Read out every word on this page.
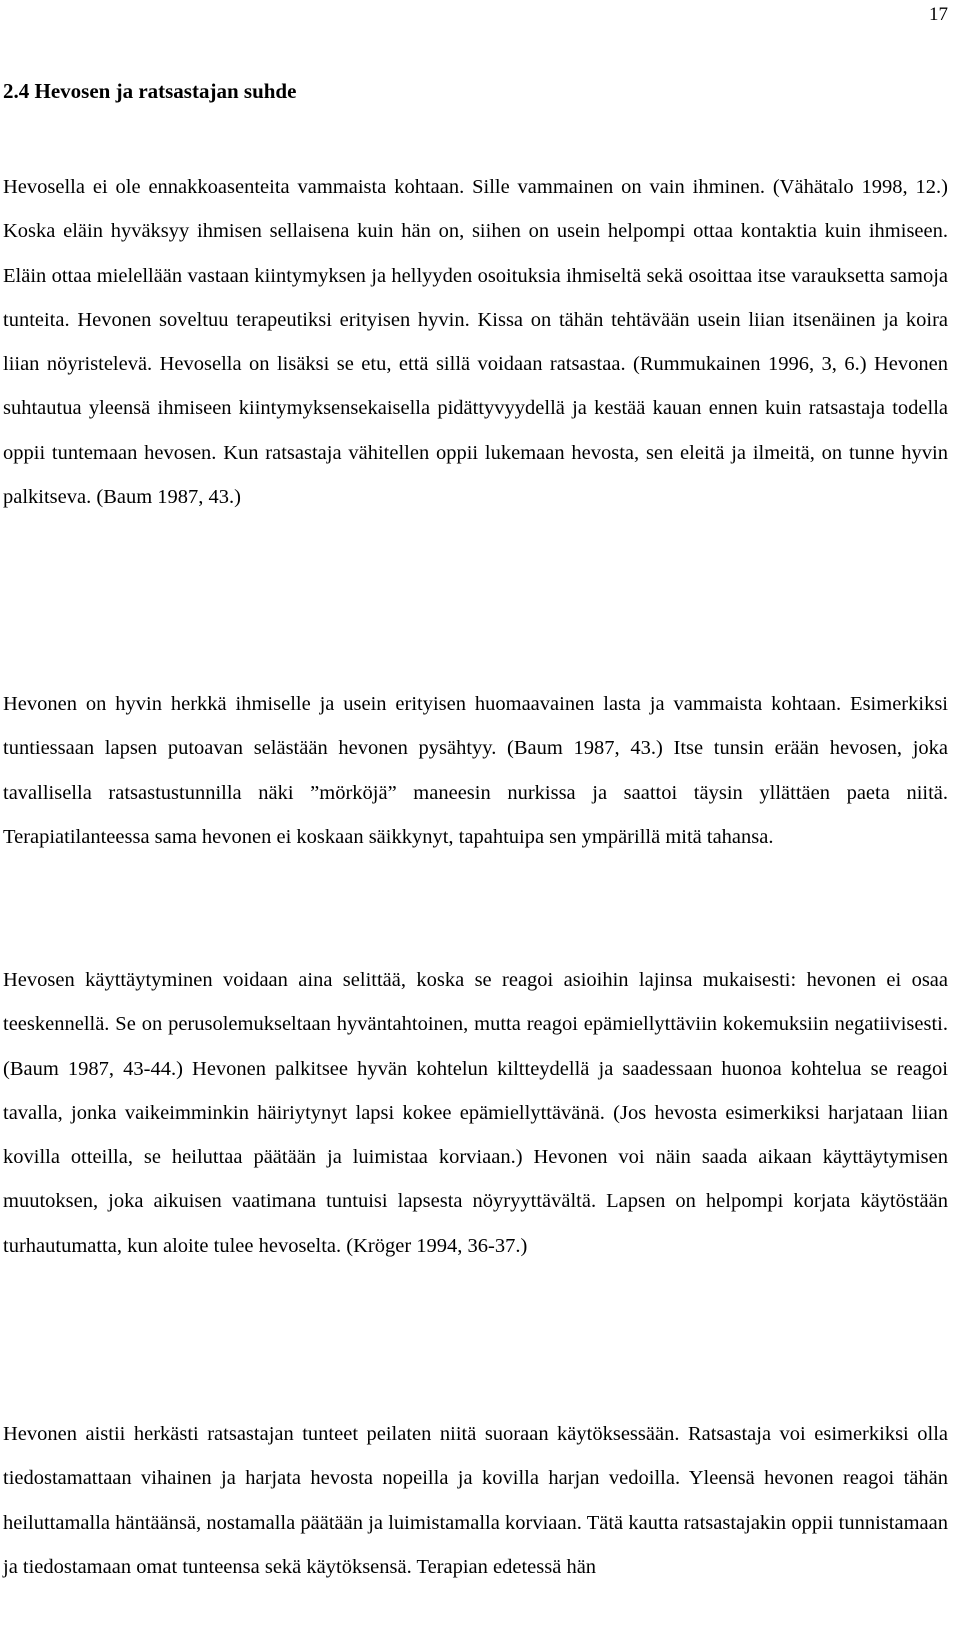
17
2.4 Hevosen ja ratsastajan suhde

Hevosella ei ole ennakkoasenteita vammaista kohtaan. Sille vammainen on vain ihminen. (Vähätalo 1998, 12.) Koska eläin hyväksyy ihmisen sellaisena kuin hän on, siihen on usein helpompi ottaa kontaktia kuin ihmiseen. Eläin ottaa mielellään vastaan kiintymyksen ja hellyyden osoituksia ihmiseltä sekä osoittaa itse varauksetta samoja tunteita. Hevonen soveltuu terapeutiksi erityisen hyvin. Kissa on tähän tehtävään usein liian itsenäinen ja koira liian nöyristelevä. Hevosella on lisäksi se etu, että sillä voidaan ratsastaa. (Rummukainen 1996, 3, 6.) Hevonen suhtautua yleensä ihmiseen kiintymyksensekaisella pidättyvyydellä ja kestää kauan ennen kuin ratsastaja todella oppii tuntemaan hevosen. Kun ratsastaja vähitellen oppii lukemaan hevosta, sen eleitä ja ilmeitä, on tunne hyvin palkitseva. (Baum 1987, 43.)

Hevonen on hyvin herkkä ihmiselle ja usein erityisen huomaavainen lasta ja vammaista kohtaan. Esimerkiksi tuntiessaan lapsen putoavan selästään hevonen pysähtyy. (Baum 1987, 43.) Itse tunsin erään hevosen, joka tavallisella ratsastustunnilla näki ”mörköjä” maneesin nurkissa ja saattoi täysin yllättäen paeta niitä. Terapiatilanteessa sama hevonen ei koskaan säikkynyt, tapahtuipa sen ympärillä mitä tahansa.

Hevosen käyttäytyminen voidaan aina selittää, koska se reagoi asioihin lajinsa mukaisesti: hevonen ei osaa teeskennellä. Se on perusolemukseltaan hyväntahtoinen, mutta reagoi epämiellyttäviin kokemuksiin negatiivisesti. (Baum 1987, 43-44.) Hevonen palkitsee hyvän kohtelun kiltteydellä ja saadessaan huonoa kohtelua se reagoi tavalla, jonka vaikeimminkin häiriytynyt lapsi kokee epämiellyttävänä. (Jos hevosta esimerkiksi harjataan liian kovilla otteilla, se heiluttaa päätään ja luimistaa korviaan.) Hevonen voi näin saada aikaan käyttäytymisen muutoksen, joka aikuisen vaatimana tuntuisi lapsesta nöyryyttävältä. Lapsen on helpompi korjata käytöstään turhautumatta, kun aloite tulee hevoselta. (Kröger 1994, 36-37.)

Hevonen aistii herkästi ratsastajan tunteet peilaten niitä suoraan käytöksessään. Ratsastaja voi esimerkiksi olla tiedostamattaan vihainen ja harjata hevosta nopeilla ja kovilla harjan vedoilla. Yleensä hevonen reagoi tähän heiluttamalla häntäänsä, nostamalla päätään ja luimistamalla korviaan. Tätä kautta ratsastajakin oppii tunnistamaan ja tiedostamaan omat tunteensa sekä käytöksensä. Terapian edetessä hän
